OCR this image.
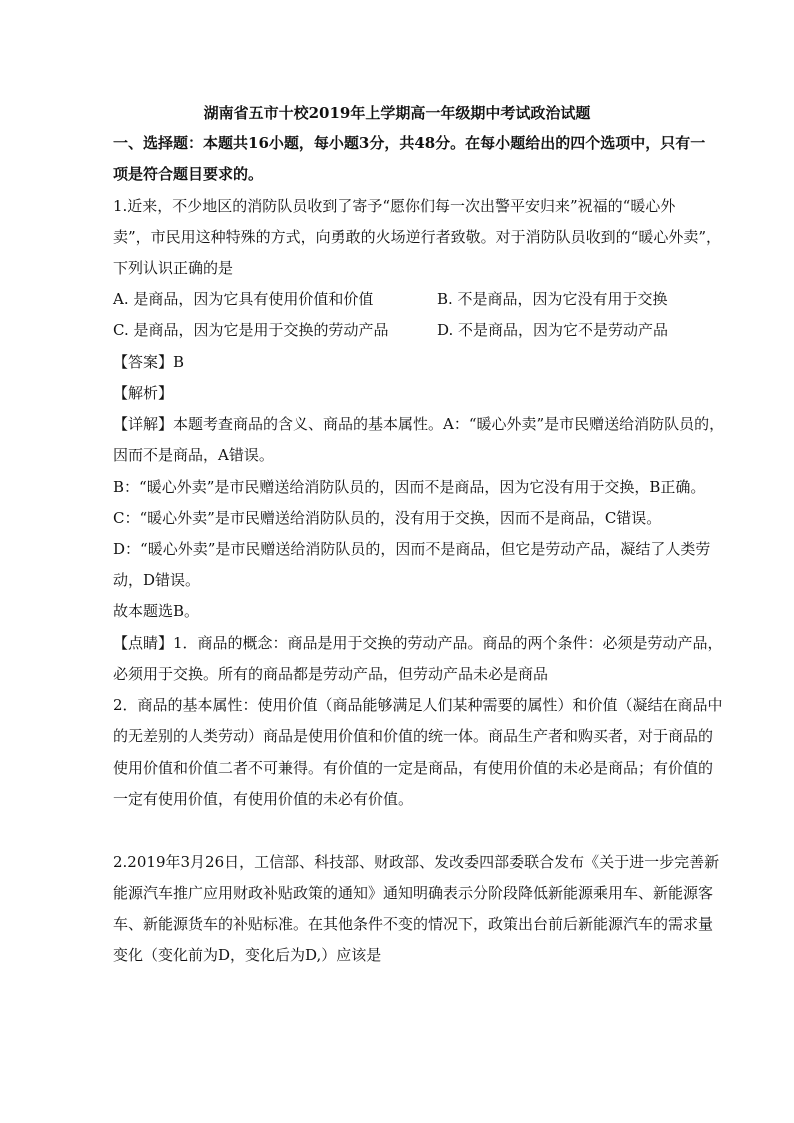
湖南省五市十校2019年上学期高一年级期中考试政治试题
一、选择题：本题共16小题，每小题3分，共48分。在每小题给出的四个选项中，只有一
项是符合题目要求的。
1.近来，不少地区的消防队员收到了寄予“愿你们每一次出警平安归来”祝福的“暖心外
卖”，市民用这种特殊的方式，向勇敢的火场逆行者致敬。对于消防队员收到的“暖心外卖”，
下列认识正确的是
A. 是商品，因为它具有使用价值和价值	B. 不是商品，因为它没有用于交换
C. 是商品，因为它是用于交换的劳动产品	D. 不是商品，因为它不是劳动产品
【答案】B
【解析】
【详解】本题考查商品的含义、商品的基本属性。A：“暖心外卖”是市民赠送给消防队员的，
因而不是商品，A错误。
B：“暖心外卖”是市民赠送给消防队员的，因而不是商品，因为它没有用于交换，B正确。
C：“暖心外卖”是市民赠送给消防队员的，没有用于交换，因而不是商品，C错误。
D：“暖心外卖”是市民赠送给消防队员的，因而不是商品，但它是劳动产品，凝结了人类劳
动，D错误。
故本题选B。
【点睛】1．商品的概念：商品是用于交换的劳动产品。商品的两个条件：必须是劳动产品，
必须用于交换。所有的商品都是劳动产品，但劳动产品未必是商品
2．商品的基本属性：使用价值（商品能够满足人们某种需要的属性）和价值（凝结在商品中
的无差别的人类劳动）商品是使用价值和价值的统一体。商品生产者和购买者，对于商品的
使用价值和价值二者不可兼得。有价值的一定是商品，有使用价值的未必是商品；有价值的
一定有使用价值，有使用价值的未必有价值。
2.2019年3月26日，工信部、科技部、财政部、发改委四部委联合发布《关于进一步完善新
能源汽车推广应用财政补贴政策的通知》通知明确表示分阶段降低新能源乘用车、新能源客
车、新能源货车的补贴标准。在其他条件不变的情况下，政策出台前后新能源汽车的需求量
变化（变化前为D，变化后为D,）应该是
